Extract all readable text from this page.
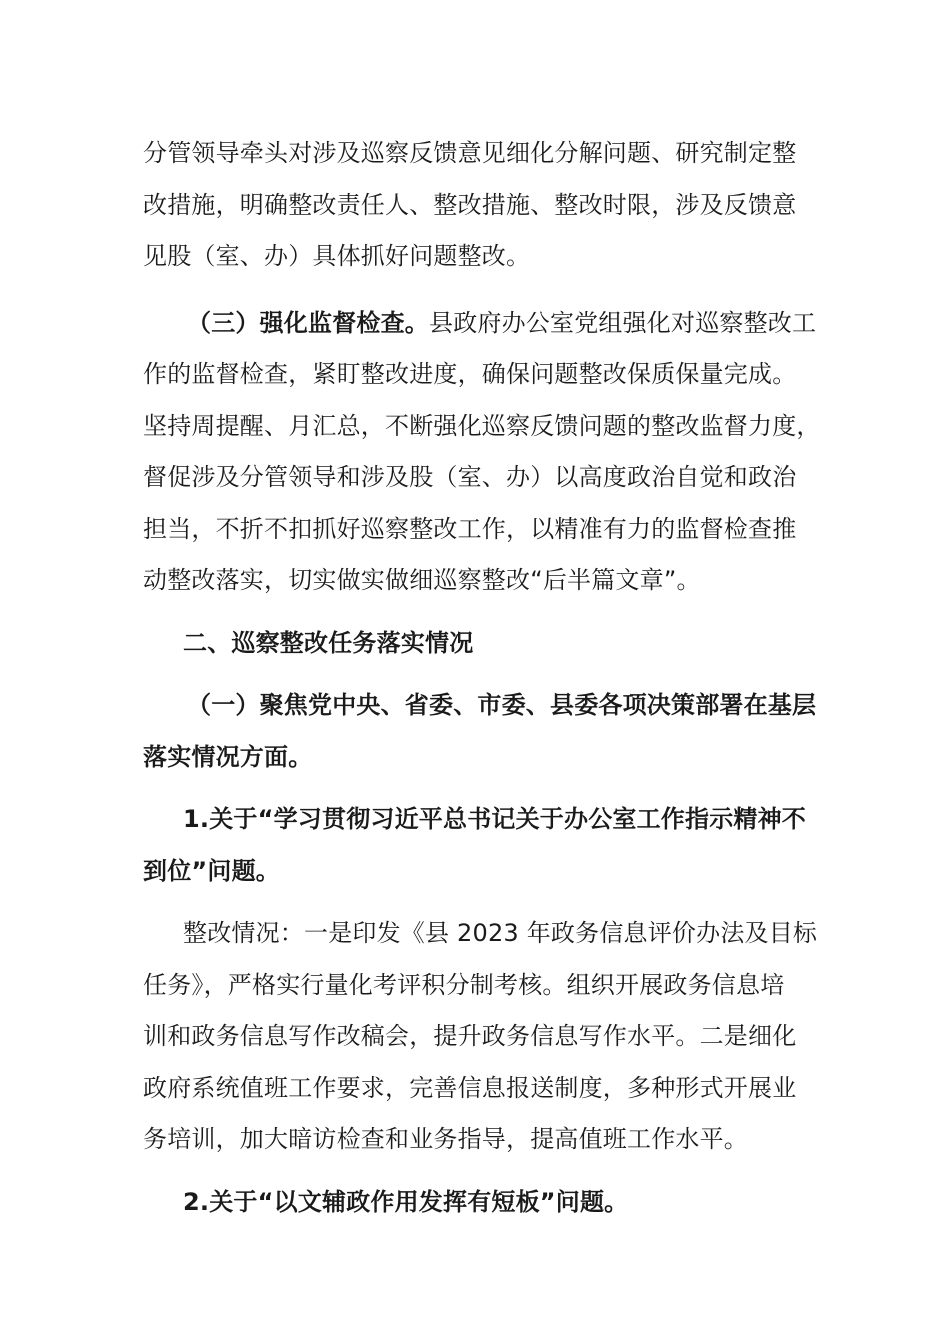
分管领导牵头对涉及巡察反馈意见细化分解问题、研究制定整
改措施，明确整改责任人、整改措施、整改时限，涉及反馈意
见股（室、办）具体抓好问题整改。
（三）强化监督检查。县政府办公室党组强化对巡察整改工
作的监督检查，紧盯整改进度，确保问题整改保质保量完成。
坚持周提醒、月汇总，不断强化巡察反馈问题的整改监督力度，
督促涉及分管领导和涉及股（室、办）以高度政治自觉和政治
担当，不折不扣抓好巡察整改工作，以精准有力的监督检查推
动整改落实，切实做实做细巡察整改“后半篇文章”。
二、巡察整改任务落实情况
（一）聚焦党中央、省委、市委、县委各项决策部署在基层
落实情况方面。
1.关于“学习贯彻习近平总书记关于办公室工作指示精神不
到位”问题。
整改情况：一是印发《县 2023 年政务信息评价办法及目标
任务》，严格实行量化考评积分制考核。组织开展政务信息培
训和政务信息写作改稿会，提升政务信息写作水平。二是细化
政府系统值班工作要求，完善信息报送制度，多种形式开展业
务培训，加大暗访检查和业务指导，提高值班工作水平。
2.关于“以文辅政作用发挥有短板”问题。
